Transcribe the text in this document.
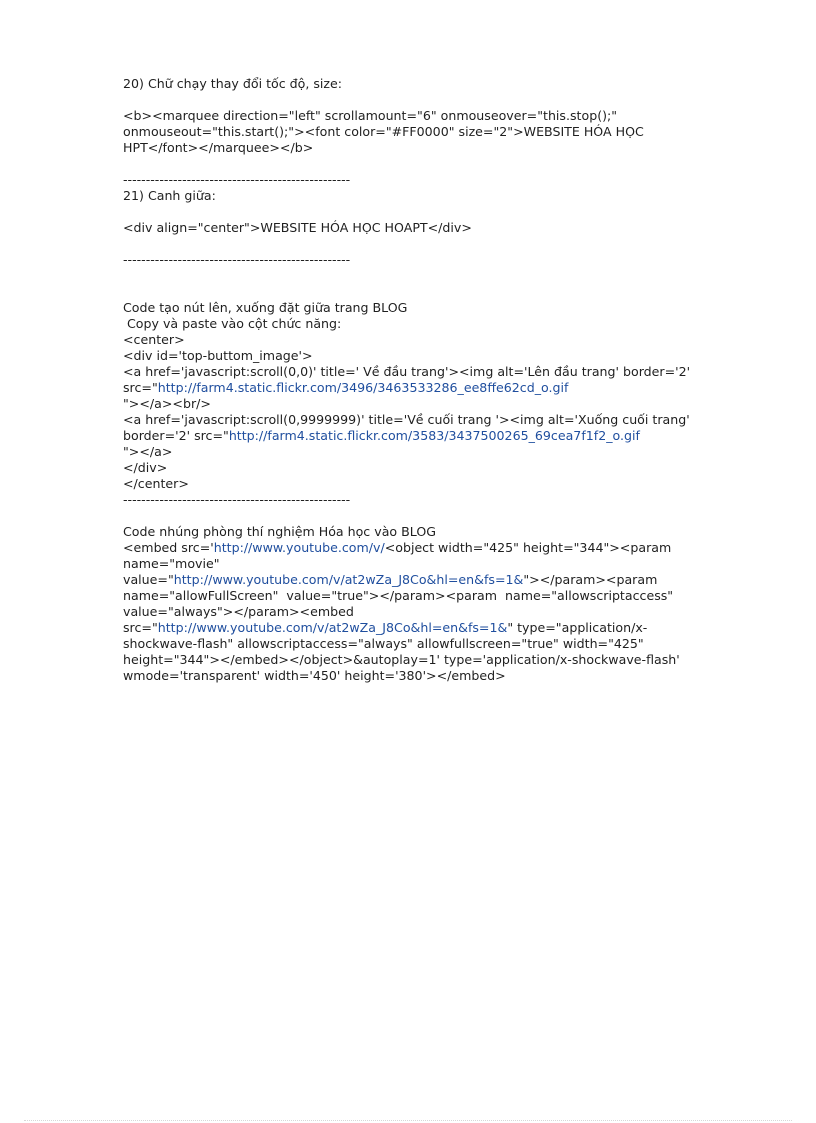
20) Chữ chạy thay đổi tốc độ, size:
<b><marquee direction="left" scrollamount="6" onmouseover="this.stop();"
onmouseout="this.start();"><font color="#FF0000" size="2">WEBSITE HÓA HỌC
HPT</font></marquee></b>
--------------------------------------------------
21) Canh giữa:
<div align="center">WEBSITE HÓA HỌC HOAPT</div>
--------------------------------------------------
Code tạo nút lên, xuống đặt giữa trang BLOG
Copy và paste vào cột chức năng:
<center>
<div id='top-buttom_image'>
<a href='javascript:scroll(0,0)' title=' Về đầu trang'><img alt='Lên đầu trang' border='2'
src="http://farm4.static.flickr.com/3496/3463533286_ee8ffe62cd_o.gif
"></a><br/>
<a href='javascript:scroll(0,9999999)' title='Về cuối trang '><img alt='Xuống cuối trang'
border='2' src="http://farm4.static.flickr.com/3583/3437500265_69cea7f1f2_o.gif
"></a>
</div>
</center>
--------------------------------------------------
Code nhúng phòng thí nghiệm Hóa học vào BLOG
<embed src='http://www.youtube.com/v/<object width="425" height="344"><param
name="movie"
value="http://www.youtube.com/v/at2wZa_J8Co&hl=en&fs=1&"></param><param
name="allowFullScreen"  value="true"></param><param  name="allowscriptaccess"
value="always"></param><embed
src="http://www.youtube.com/v/at2wZa_J8Co&hl=en&fs=1&" type="application/x-
shockwave-flash" allowscriptaccess="always" allowfullscreen="true" width="425"
height="344"></embed></object>&autoplay=1' type='application/x-shockwave-flash'
wmode='transparent' width='450' height='380'></embed>
